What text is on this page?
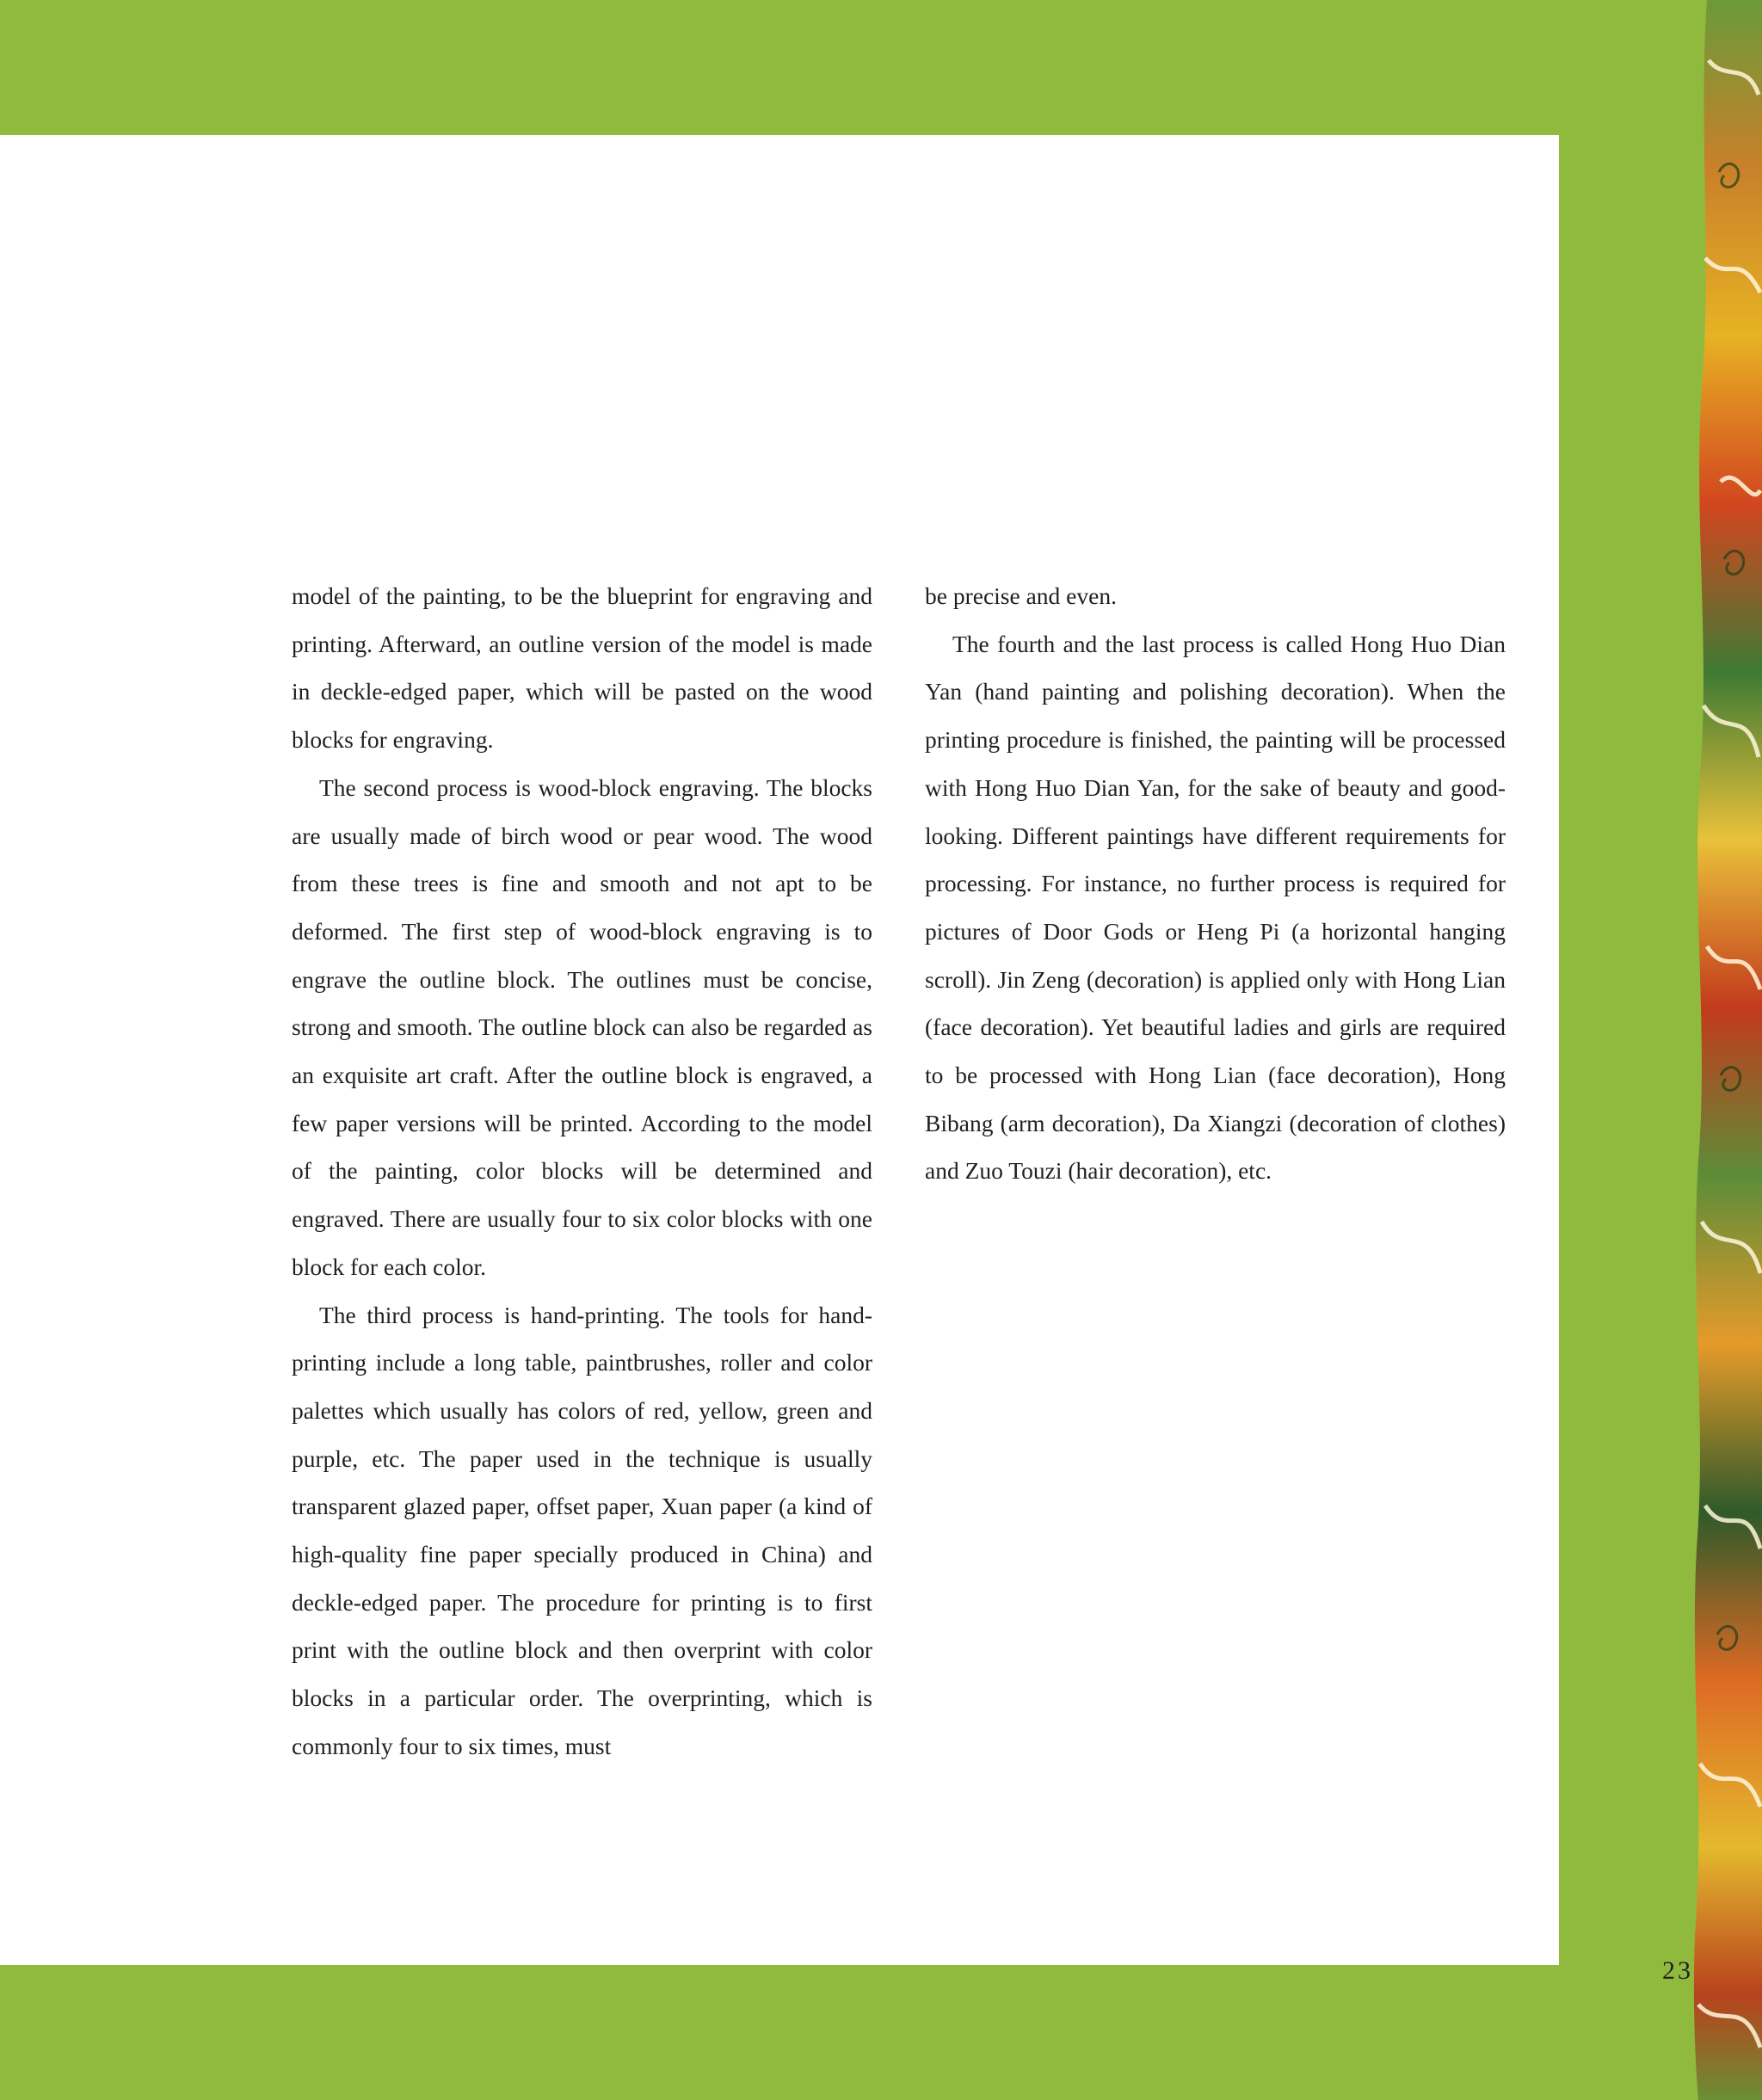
model of the painting, to be the blueprint for engraving and printing. Afterward, an outline version of the model is made in deckle-edged paper, which will be pasted on the wood blocks for engraving.

The second process is wood-block engraving. The blocks are usually made of birch wood or pear wood. The wood from these trees is fine and smooth and not apt to be deformed. The first step of wood-block engraving is to engrave the outline block. The outlines must be concise, strong and smooth. The outline block can also be regarded as an exquisite art craft. After the outline block is engraved, a few paper versions will be printed. According to the model of the painting, color blocks will be determined and engraved. There are usually four to six color blocks with one block for each color.

The third process is hand-printing. The tools for hand-printing include a long table, paintbrushes, roller and color palettes which usually has colors of red, yellow, green and purple, etc. The paper used in the technique is usually transparent glazed paper, offset paper, Xuan paper (a kind of high-quality fine paper specially produced in China) and deckle-edged paper. The procedure for printing is to first print with the outline block and then overprint with color blocks in a particular order. The overprinting, which is commonly four to six times, must

be precise and even.

The fourth and the last process is called Hong Huo Dian Yan (hand painting and polishing decoration). When the printing procedure is finished, the painting will be processed with Hong Huo Dian Yan, for the sake of beauty and good-looking. Different paintings have different requirements for processing. For instance, no further process is required for pictures of Door Gods or Heng Pi (a horizontal hanging scroll). Jin Zeng (decoration) is applied only with Hong Lian (face decoration). Yet beautiful ladies and girls are required to be processed with Hong Lian (face decoration), Hong Bibang (arm decoration), Da Xiangzi (decoration of clothes) and Zuo Touzi (hair decoration), etc.

23
